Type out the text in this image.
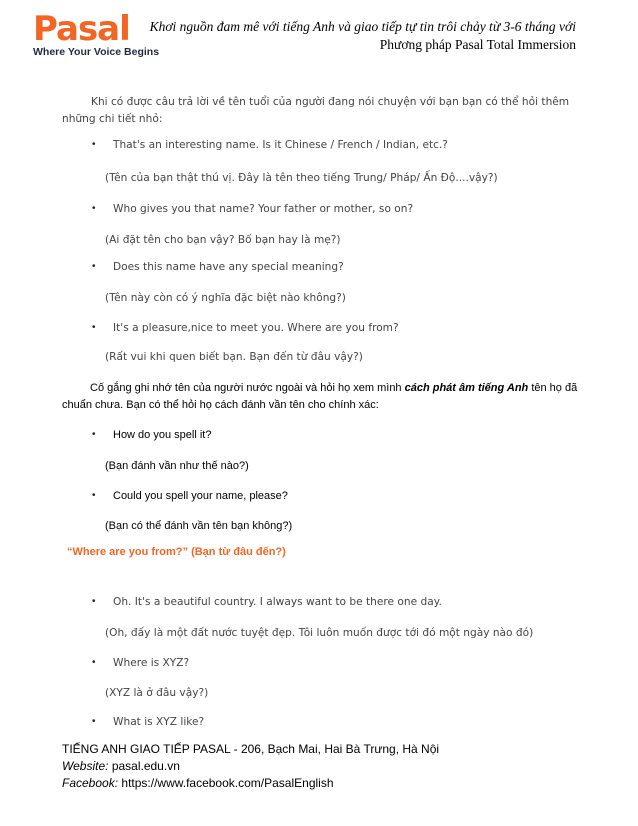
Pasal
Where Your Voice Begins
Khơi nguồn đam mê với tiếng Anh và giao tiếp tự tin trôi chảy từ 3-6 tháng với
Phương pháp Pasal Total Immersion
Khi có được câu trả lời về tên tuổi của người đang nói chuyện với bạn bạn có thể hỏi thêm những chi tiết nhỏ:
• That's an interesting name. Is it Chinese / French / Indian, etc.?
(Tên của bạn thật thú vị. Đây là tên theo tiếng Trung/ Pháp/ Ấn Độ....vậy?)
• Who gives you that name? Your father or mother, so on?
(Ai đặt tên cho bạn vậy? Bố bạn hay là mẹ?)
• Does this name have any special meaning?
(Tên này còn có ý nghĩa đặc biệt nào không?)
• It's a pleasure,nice to meet you. Where are you from?
(Rất vui khi quen biết bạn. Bạn đến từ đâu vậy?)
Cố gắng ghi nhớ tên của người nước ngoài và hỏi họ xem mình cách phát âm tiếng Anh tên họ đã chuẩn chưa. Bạn có thể hỏi họ cách đánh vần tên cho chính xác:
• How do you spell it?
(Bạn đánh vần như thế nào?)
• Could you spell your name, please?
(Bạn có thể đánh vần tên bạn không?)
“Where are you from?” (Bạn từ đâu đến?)
• Oh. It's a beautiful country. I always want to be there one day.
(Oh, đấy là một đất nước tuyệt đẹp. Tôi luôn muốn được tới đó một ngày nào đó)
• Where is XYZ?
(XYZ là ở đâu vậy?)
• What is XYZ like?
TIẾNG ANH GIAO TIẾP PASAL - 206, Bạch Mai, Hai Bà Trưng, Hà Nội
Website: pasal.edu.vn
Facebook: https://www.facebook.com/PasalEnglish
